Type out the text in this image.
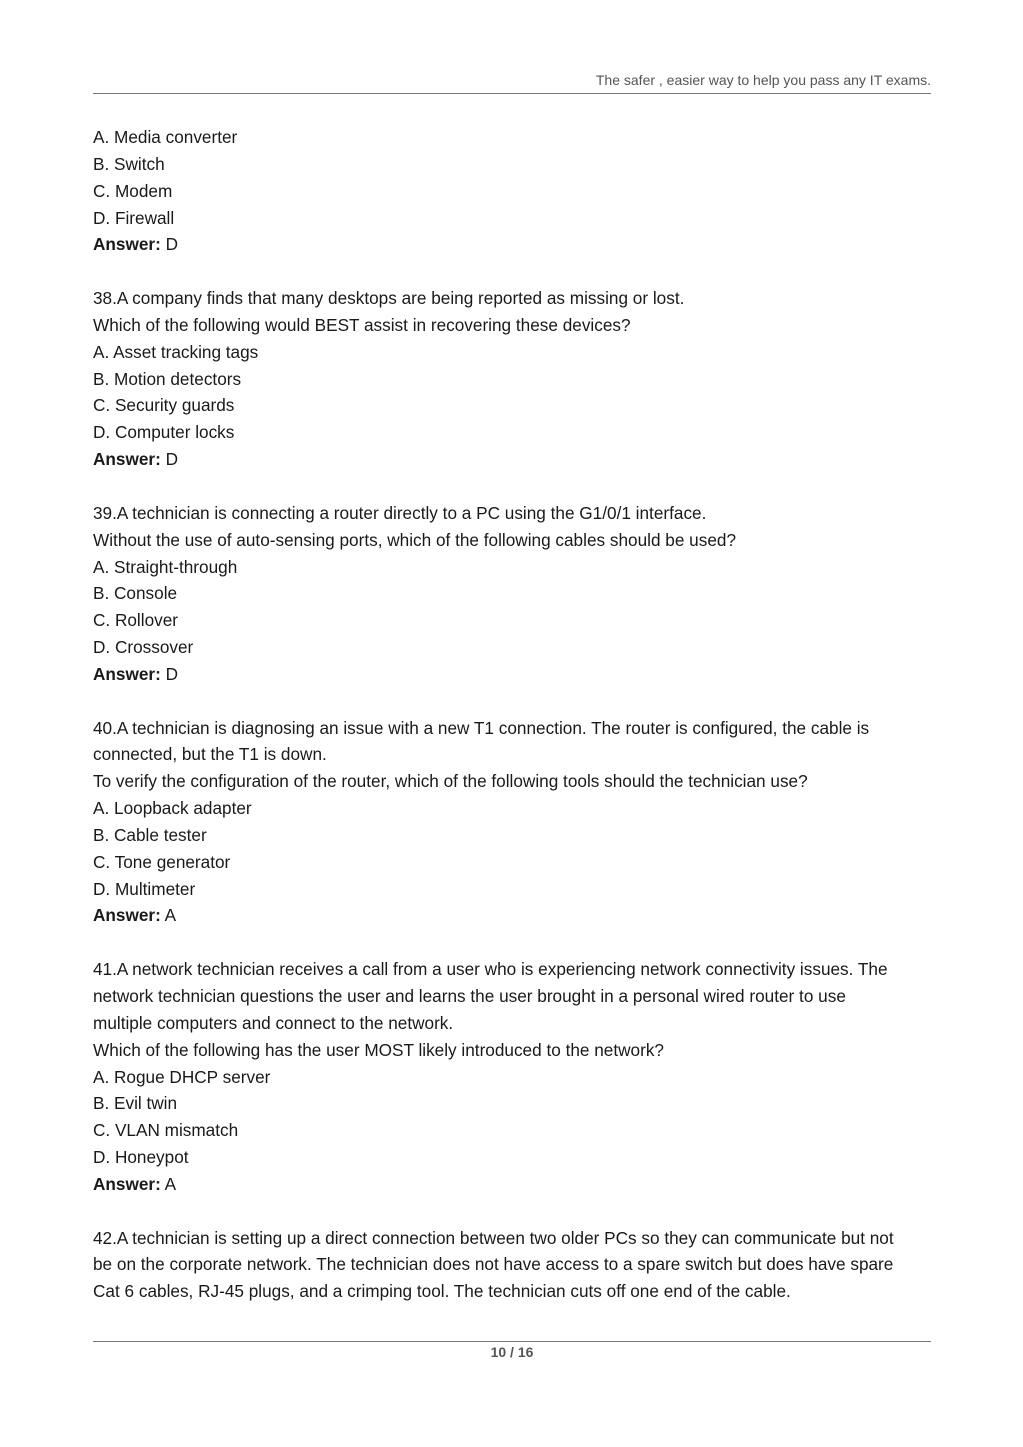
The safer , easier way to help you pass any IT exams.

A. Media converter

B. Switch

C. Modem

D. Firewall

Answer: D

38.A company finds that many desktops are being reported as missing or lost.

Which of the following would BEST assist in recovering these devices?

A. Asset tracking tags

B. Motion detectors

C. Security guards

D. Computer locks

Answer: D

39.A technician is connecting a router directly to a PC using the G1/0/1 interface.

Without the use of auto-sensing ports, which of the following cables should be used?

A. Straight-through

B. Console

C. Rollover

D. Crossover

Answer: D

40.A technician is diagnosing an issue with a new T1 connection. The router is configured, the cable is

connected, but the T1 is down.

To verify the configuration of the router, which of the following tools should the technician use?

A. Loopback adapter

B. Cable tester

C. Tone generator

D. Multimeter

Answer: A

41.A network technician receives a call from a user who is experiencing network connectivity issues. The

network technician questions the user and learns the user brought in a personal wired router to use

multiple computers and connect to the network.

Which of the following has the user MOST likely introduced to the network?

A. Rogue DHCP server

B. Evil twin

C. VLAN mismatch

D. Honeypot

Answer: A

42.A technician is setting up a direct connection between two older PCs so they can communicate but not

be on the corporate network. The technician does not have access to a spare switch but does have spare

Cat 6 cables, RJ-45 plugs, and a crimping tool. The technician cuts off one end of the cable.

10 / 16
